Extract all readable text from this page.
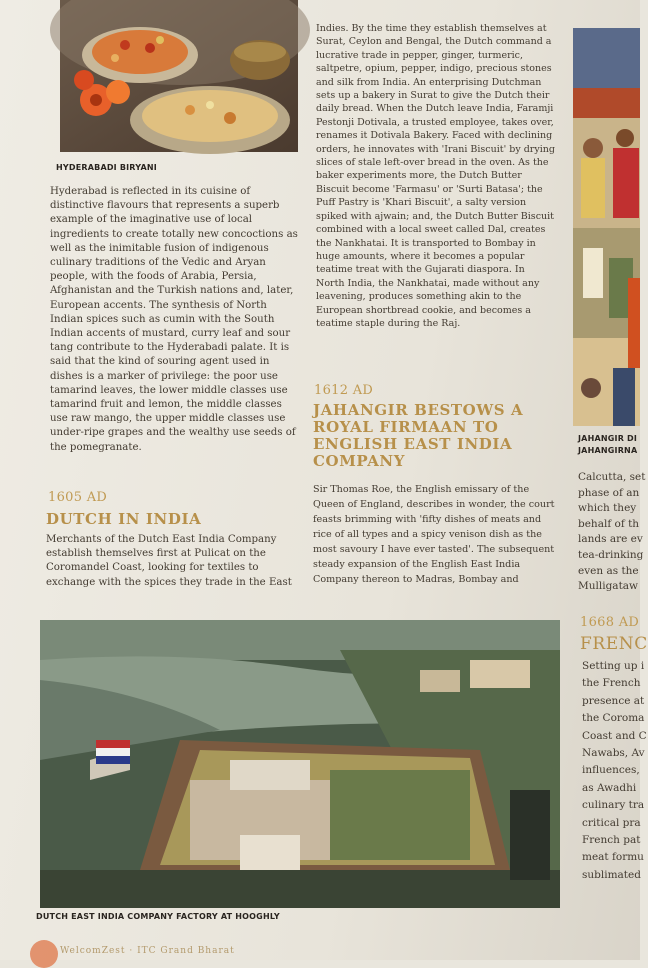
HYDERABADI BIRYANI

Hyderabad is reflected in its cuisine of distinctive flavours that represents a superb example of the imaginative use of local ingredients to create totally new concoctions as well as the inimitable fusion of indigenous culinary traditions of the Vedic and Aryan people, with the foods of Arabia, Persia, Afghanistan and the Turkish nations and, later, European accents. The synthesis of North Indian spices such as cumin with the South Indian accents of mustard, curry leaf and sour tang contribute to the Hyderabadi palate. It is said that the kind of souring agent used in dishes is a marker of privilege: the poor use tamarind leaves, the lower middle classes use tamarind fruit and lemon, the middle classes use raw mango, the upper middle classes use under-ripe grapes and the wealthy use seeds of the pomegranate.

1605 AD
DUTCH IN INDIA

Merchants of the Dutch East India Company establish themselves first at Pulicat on the Coromandel Coast, looking for textiles to exchange with the spices they trade in the East

Indies. By the time they establish themselves at Surat, Ceylon and Bengal, the Dutch command a lucrative trade in pepper, ginger, turmeric, saltpetre, opium, pepper, indigo, precious stones and silk from India. An enterprising Dutchman sets up a bakery in Surat to give the Dutch their daily bread. When the Dutch leave India, Faramji Pestonji Dotivala, a trusted employee, takes over, renames it Dotivala Bakery. Faced with declining orders, he innovates with 'Irani Biscuit' by drying slices of stale left-over bread in the oven. As the baker experiments more, the Dutch Butter Biscuit become 'Farmasu' or 'Surti Batasa'; the Puff Pastry is 'Khari Biscuit', a salty version spiked with ajwain; and, the Dutch Butter Biscuit combined with a local sweet called Dal, creates the Nankhatai. It is transported to Bombay in huge amounts, where it becomes a popular teatime treat with the Gujarati diaspora. In North India, the Nankhatai, made without any leavening, produces something akin to the European shortbread cookie, and becomes a teatime staple during the Raj.

1612 AD
JAHANGIR BESTOWS A ROYAL FIRMAAN TO ENGLISH EAST INDIA COMPANY

Sir Thomas Roe, the English emissary of the Queen of England, describes in wonder, the court feasts brimming with 'fifty dishes of meats and rice of all types and a spicy venison dish as the most savoury I have ever tasted'. The subsequent steady expansion of the English East India Company thereon to Madras, Bombay and

JAHANGIR DI
JAHANGIRNA
Calcutta, set
phase of an
which they
behalf of th
lands are ev
tea-drinking
even as the
Mulligataw
1668 AD
FRENC
Setting up i
the French
presence at
the Coroma
Coast and C
Nawabs, Av
influences,
as Awadhi
culinary tra
critical pra
French pat
meat formu
sublimated
DUTCH EAST INDIA COMPANY FACTORY AT HOOGHLY
WelcomZest · ITC Grand Bharat
